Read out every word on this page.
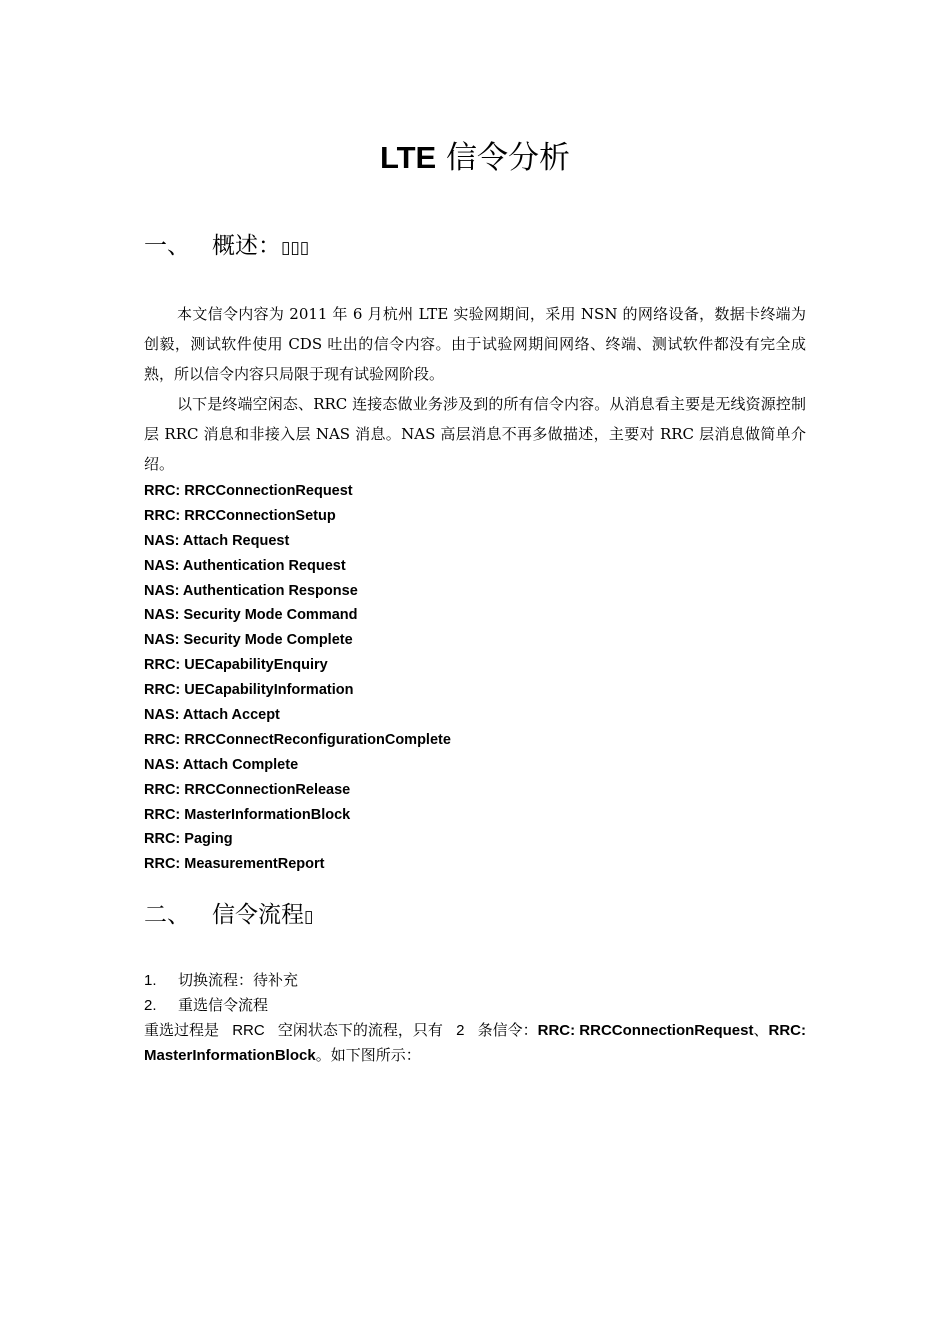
LTE 信令分析
一、 概述：▯▯▯

本文信令内容为 2011 年 6 月杭州 LTE 实验网期间，采用 NSN 的网络设备，数据卡终端为创毅，测试软件使用 CDS 吐出的信令内容。由于试验网期间网络、终端、测试软件都没有完全成熟，所以信令内容只局限于现有试验网阶段。

以下是终端空闲态、RRC 连接态做业务涉及到的所有信令内容。从消息看主要是无线资源控制层 RRC 消息和非接入层 NAS 消息。NAS 高层消息不再多做描述，主要对 RRC 层消息做简单介绍。

RRC: RRCConnectionRequest
RRC: RRCConnectionSetup
NAS: Attach Request
NAS: Authentication Request
NAS: Authentication Response
NAS: Security Mode Command
NAS: Security Mode Complete
RRC: UECapabilityEnquiry
RRC: UECapabilityInformation
NAS: Attach Accept
RRC: RRCConnectReconfigurationComplete
NAS: Attach Complete
RRC: RRCConnectionRelease
RRC: MasterInformationBlock
RRC: Paging
RRC: MeasurementReport
二、 信令流程▯
1. 切换流程：待补充
2. 重选信令流程
重选过程是 RRC 空闲状态下的流程，只有 2 条信令：RRC: RRCConnectionRequest、RRC:
MasterInformationBlock。如下图所示：
